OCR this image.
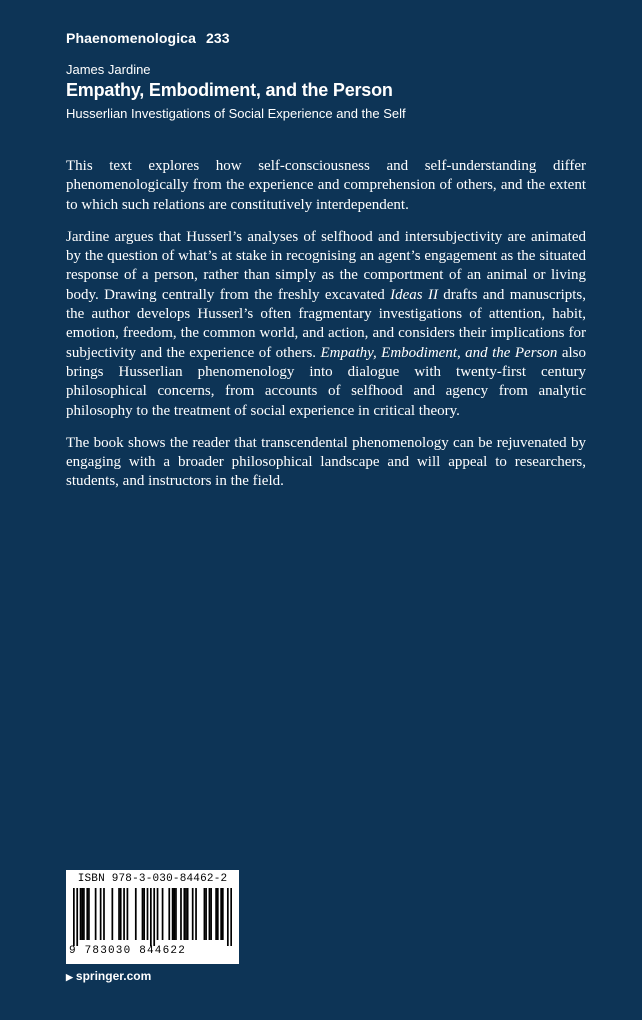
Phaenomenologica 233
James Jardine
Empathy, Embodiment, and the Person
Husserlian Investigations of Social Experience and the Self

This text explores how self-consciousness and self-understanding differ phenomenologically from the experience and comprehension of others, and the extent to which such relations are constitutively interdependent.

Jardine argues that Husserl’s analyses of selfhood and intersubjectivity are animated by the question of what’s at stake in recognising an agent’s engagement as the situated response of a person, rather than simply as the comportment of an animal or living body. Drawing centrally from the freshly excavated Ideas II drafts and manuscripts, the author develops Husserl’s often fragmentary investigations of attention, habit, emotion, freedom, the common world, and action, and considers their implications for subjectivity and the experience of others. Empathy, Embodiment, and the Person also brings Husserlian phenomenology into dialogue with twenty-first century philosophical concerns, from accounts of selfhood and agency from analytic philosophy to the treatment of social experience in critical theory.

The book shows the reader that transcendental phenomenology can be rejuvenated by engaging with a broader philosophical landscape and will appeal to researchers, students, and instructors in the field.

ISBN 978-3-030-84462-2
9 783030 844622
▶ springer.com
